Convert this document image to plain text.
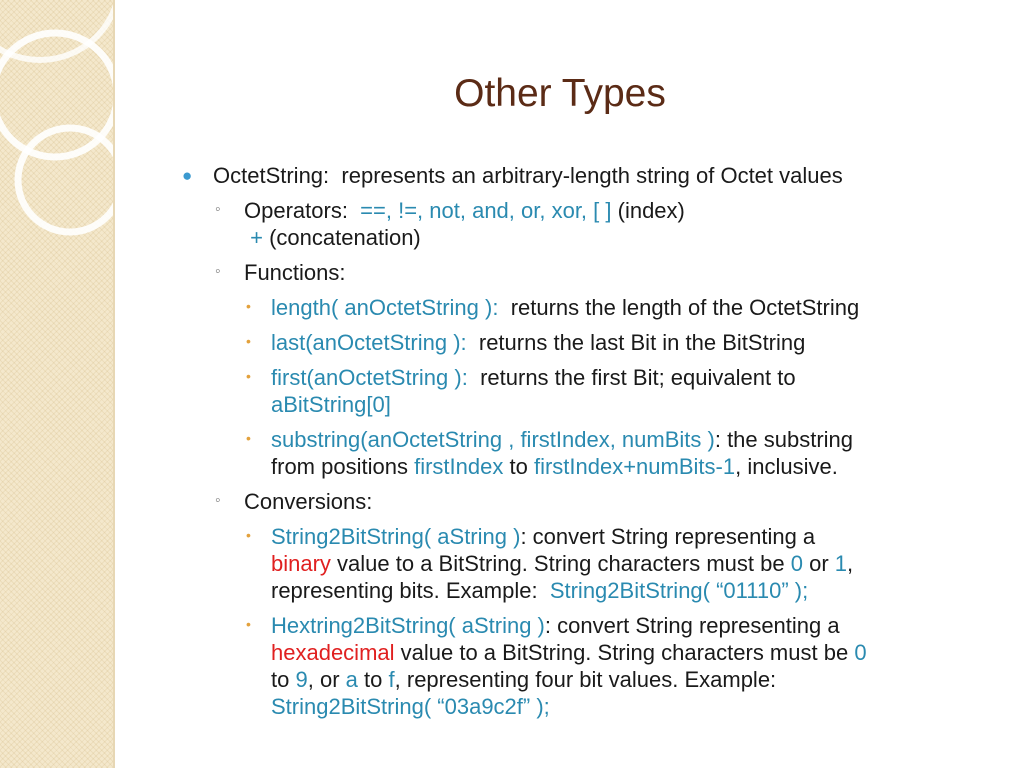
Other Types
● OctetString: represents an arbitrary-length string of Octet values
◦ Operators: ==, !=, not, and, or, xor, [ ] (index)
+ (concatenation)
◦ Functions:
• length( anOctetString ): returns the length of the OctetString
• last(anOctetString ): returns the last Bit in the BitString
• first(anOctetString ): returns the first Bit; equivalent to
aBitString[0]
• substring(anOctetString , firstIndex, numBits ): the substring
from positions firstIndex to firstIndex+numBits-1, inclusive.
◦ Conversions:
• String2BitString( aString ): convert String representing a
binary value to a BitString. String characters must be 0 or 1,
representing bits. Example: String2BitString( “01110” );
• Hextring2BitString( aString ): convert String representing a
hexadecimal value to a BitString. String characters must be 0
to 9, or a to f, representing four bit values. Example:
String2BitString( “03a9c2f” );
